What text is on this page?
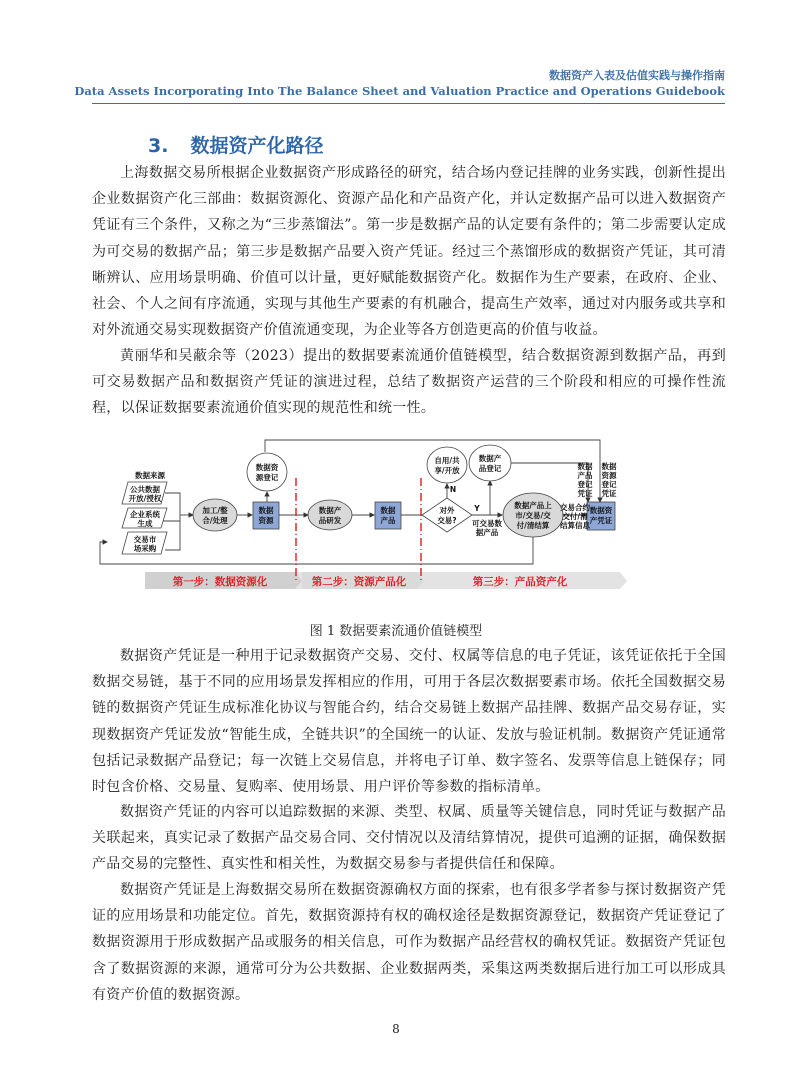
数据资产入表及估值实践与操作指南
Data Assets Incorporating Into The Balance Sheet and Valuation Practice and Operations Guidebook
3. 数据资产化路径

上海数据交易所根据企业数据资产形成路径的研究，结合场内登记挂牌的业务实践，创新性提出企业数据资产化三部曲：数据资源化、资源产品化和产品资产化，并认定数据产品可以进入数据资产凭证有三个条件，又称之为“三步蒸馏法”。第一步是数据产品的认定要有条件的；第二步需要认定成为可交易的数据产品；第三步是数据产品要入资产凭证。经过三个蒸馏形成的数据资产凭证，其可清晰辨认、应用场景明确、价值可以计量，更好赋能数据资产化。数据作为生产要素，在政府、企业、社会、个人之间有序流通，实现与其他生产要素的有机融合，提高生产效率，通过对内服务或共享和对外流通交易实现数据资产价值流通变现，为企业等各方创造更高的价值与收益。

黄丽华和吴蔽余等（2023）提出的数据要素流通价值链模型，结合数据资源到数据产品，再到可交易数据产品和数据资产凭证的演进过程，总结了数据资产运营的三个阶段和相应的可操作性流程，以保证数据要素流通价值实现的规范性和统一性。

数据来源
公共数据
开放/授权
企业系统
生成
交易市
场采购
加工/整
合/处理
数据
资源
数据资
源登记
数据产
品研发
数据
产品
对外
交易?
自用/共
享/开放
N
Y
可交易数
据产品
数据产
品登记
数据产品上
市/交易/交
付/清结算
交易合约
交付/清
结算信息
数据资
产凭证
数据
产品
登记
凭证
数据
资源
登记
凭证
第一步：数据资源化	第二步：资源产品化	第三步：产品资产化
图 1 数据要素流通价值链模型

数据资产凭证是一种用于记录数据资产交易、交付、权属等信息的电子凭证，该凭证依托于全国数据交易链，基于不同的应用场景发挥相应的作用，可用于各层次数据要素市场。依托全国数据交易链的数据资产凭证生成标准化协议与智能合约，结合交易链上数据产品挂牌、数据产品交易存证，实现数据资产凭证发放“智能生成，全链共识”的全国统一的认证、发放与验证机制。数据资产凭证通常包括记录数据产品登记；每一次链上交易信息，并将电子订单、数字签名、发票等信息上链保存；同时包含价格、交易量、复购率、使用场景、用户评价等参数的指标清单。

数据资产凭证的内容可以追踪数据的来源、类型、权属、质量等关键信息，同时凭证与数据产品关联起来，真实记录了数据产品交易合同、交付情况以及清结算情况，提供可追溯的证据，确保数据产品交易的完整性、真实性和相关性，为数据交易参与者提供信任和保障。

数据资产凭证是上海数据交易所在数据资源确权方面的探索，也有很多学者参与探讨数据资产凭证的应用场景和功能定位。首先，数据资源持有权的确权途径是数据资源登记，数据资产凭证登记了数据资源用于形成数据产品或服务的相关信息，可作为数据产品经营权的确权凭证。数据资产凭证包含了数据资源的来源，通常可分为公共数据、企业数据两类，采集这两类数据后进行加工可以形成具有资产价值的数据资源。

8
